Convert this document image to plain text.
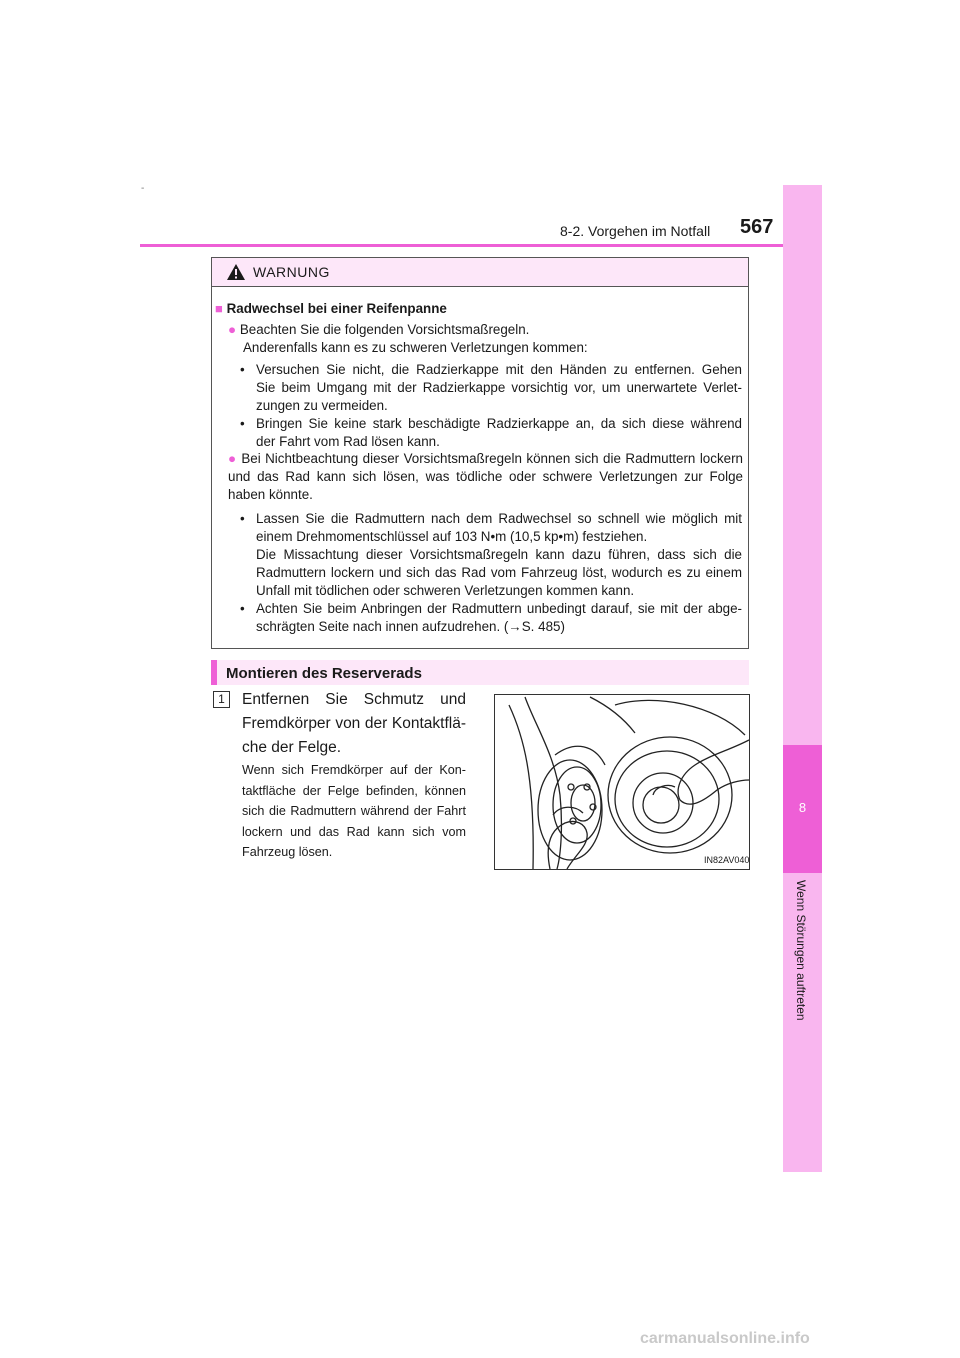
-
8-2. Vorgehen im Notfall 567
8
Wenn Störungen auftreten
WARNUNG
■ Radwechsel bei einer Reifenpanne
● Beachten Sie die folgenden Vorsichtsmaßregeln.
Anderenfalls kann es zu schweren Verletzungen kommen:
• Versuchen Sie nicht, die Radzierkappe mit den Händen zu entfernen. Gehen
Sie beim Umgang mit der Radzierkappe vorsichtig vor, um unerwartete Verlet-
zungen zu vermeiden.
• Bringen Sie keine stark beschädigte Radzierkappe an, da sich diese während
der Fahrt vom Rad lösen kann.
● Bei Nichtbeachtung dieser Vorsichtsmaßregeln können sich die Radmuttern lockern
und das Rad kann sich lösen, was tödliche oder schwere Verletzungen zur Folge
haben könnte.
• Lassen Sie die Radmuttern nach dem Radwechsel so schnell wie möglich mit
einem Drehmomentschlüssel auf 103 N•m (10,5 kp•m) festziehen.
Die Missachtung dieser Vorsichtsmaßregeln kann dazu führen, dass sich die
Radmuttern lockern und sich das Rad vom Fahrzeug löst, wodurch es zu einem
Unfall mit tödlichen oder schweren Verletzungen kommen kann.
• Achten Sie beim Anbringen der Radmuttern unbedingt darauf, sie mit der abge-
schrägten Seite nach innen aufzudrehen. (→S. 485)
Montieren des Reserverads
1	Entfernen Sie Schmutz und
Fremdkörper von der Kontaktflä-
che der Felge.
Wenn sich Fremdkörper auf der Kon-
taktfläche der Felge befinden, können
sich die Radmuttern während der Fahrt
lockern und das Rad kann sich vom
Fahrzeug lösen.
IN82AV040
carmanualsonline.info
